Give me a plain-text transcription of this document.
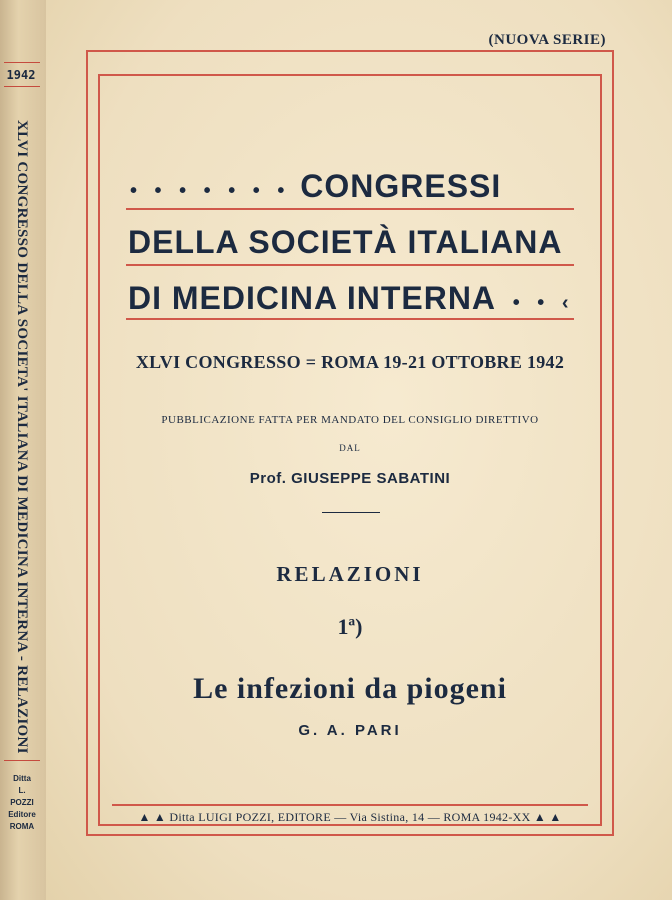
1942
XLVI CONGRESSO DELLA SOCIETA' ITALIANA DI MEDICINA INTERNA - RELAZIONI
Ditta
L. POZZI
Editore
ROMA
(NUOVA SERIE)
• • • • • • • CONGRESSI
DELLA SOCIETÀ ITALIANA
DI MEDICINA INTERNA • • ‹
XLVI CONGRESSO = ROMA 19-21 OTTOBRE 1942
PUBBLICAZIONE FATTA PER MANDATO DEL CONSIGLIO DIRETTIVO
DAL
Prof. GIUSEPPE SABATINI
RELAZIONI
1ª)
Le infezioni da piogeni
G. A. PARI
▲ ▲ Ditta LUIGI POZZI, EDITORE — Via Sistina, 14 — ROMA 1942-XX ▲ ▲
